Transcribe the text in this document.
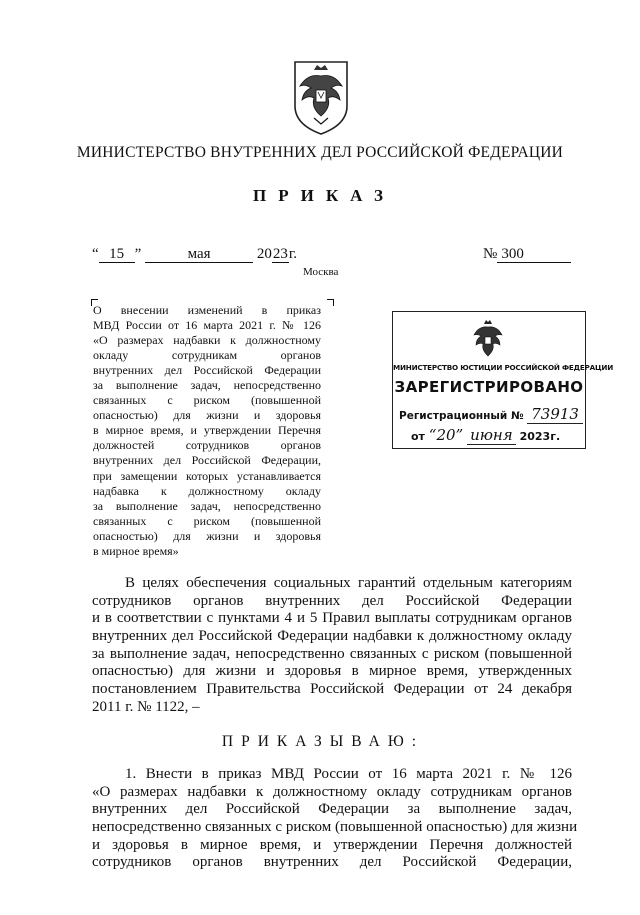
МИНИСТЕРСТВО ВНУТРЕННИХ ДЕЛ РОССИЙСКОЙ ФЕДЕРАЦИИ
ПРИКАЗ
“ 15 ”	мая	2023г.	№ 300
Москва
О внесении изменений в приказ
МВД России от 16 марта 2021 г. № 126
«О размерах надбавки к должностному
окладу сотрудникам органов
внутренних дел Российской Федерации
за выполнение задач, непосредственно
связанных с риском (повышенной
опасностью) для жизни и здоровья
в мирное время, и утверждении Перечня
должностей сотрудников органов
внутренних дел Российской Федерации,
при замещении которых устанавливается
надбавка к должностному окладу
за выполнение задач, непосредственно
связанных с риском (повышенной
опасностью) для жизни и здоровья
в мирное время»
МИНИСТЕРСТВО ЮСТИЦИИ РОССИЙСКОЙ ФЕДЕРАЦИИ
ЗАРЕГИСТРИРОВАНО
Регистрационный № 73913
от “20” июня 2023г.
В целях обеспечения социальных гарантий отдельным категориям
сотрудников органов внутренних дел Российской Федерации
и в соответствии с пунктами 4 и 5 Правил выплаты сотрудникам органов
внутренних дел Российской Федерации надбавки к должностному окладу
за выполнение задач, непосредственно связанных с риском (повышенной
опасностью) для жизни и здоровья в мирное время, утвержденных
постановлением Правительства Российской Федерации от 24 декабря
2011 г. № 1122, –
ПРИКАЗЫВАЮ:
1. Внести в приказ МВД России от 16 марта 2021 г. № 126
«О размерах надбавки к должностному окладу сотрудникам органов
внутренних дел Российской Федерации за выполнение задач,
непосредственно связанных с риском (повышенной опасностью) для жизни
и здоровья в мирное время, и утверждении Перечня должностей
сотрудников органов внутренних дел Российской Федерации,
